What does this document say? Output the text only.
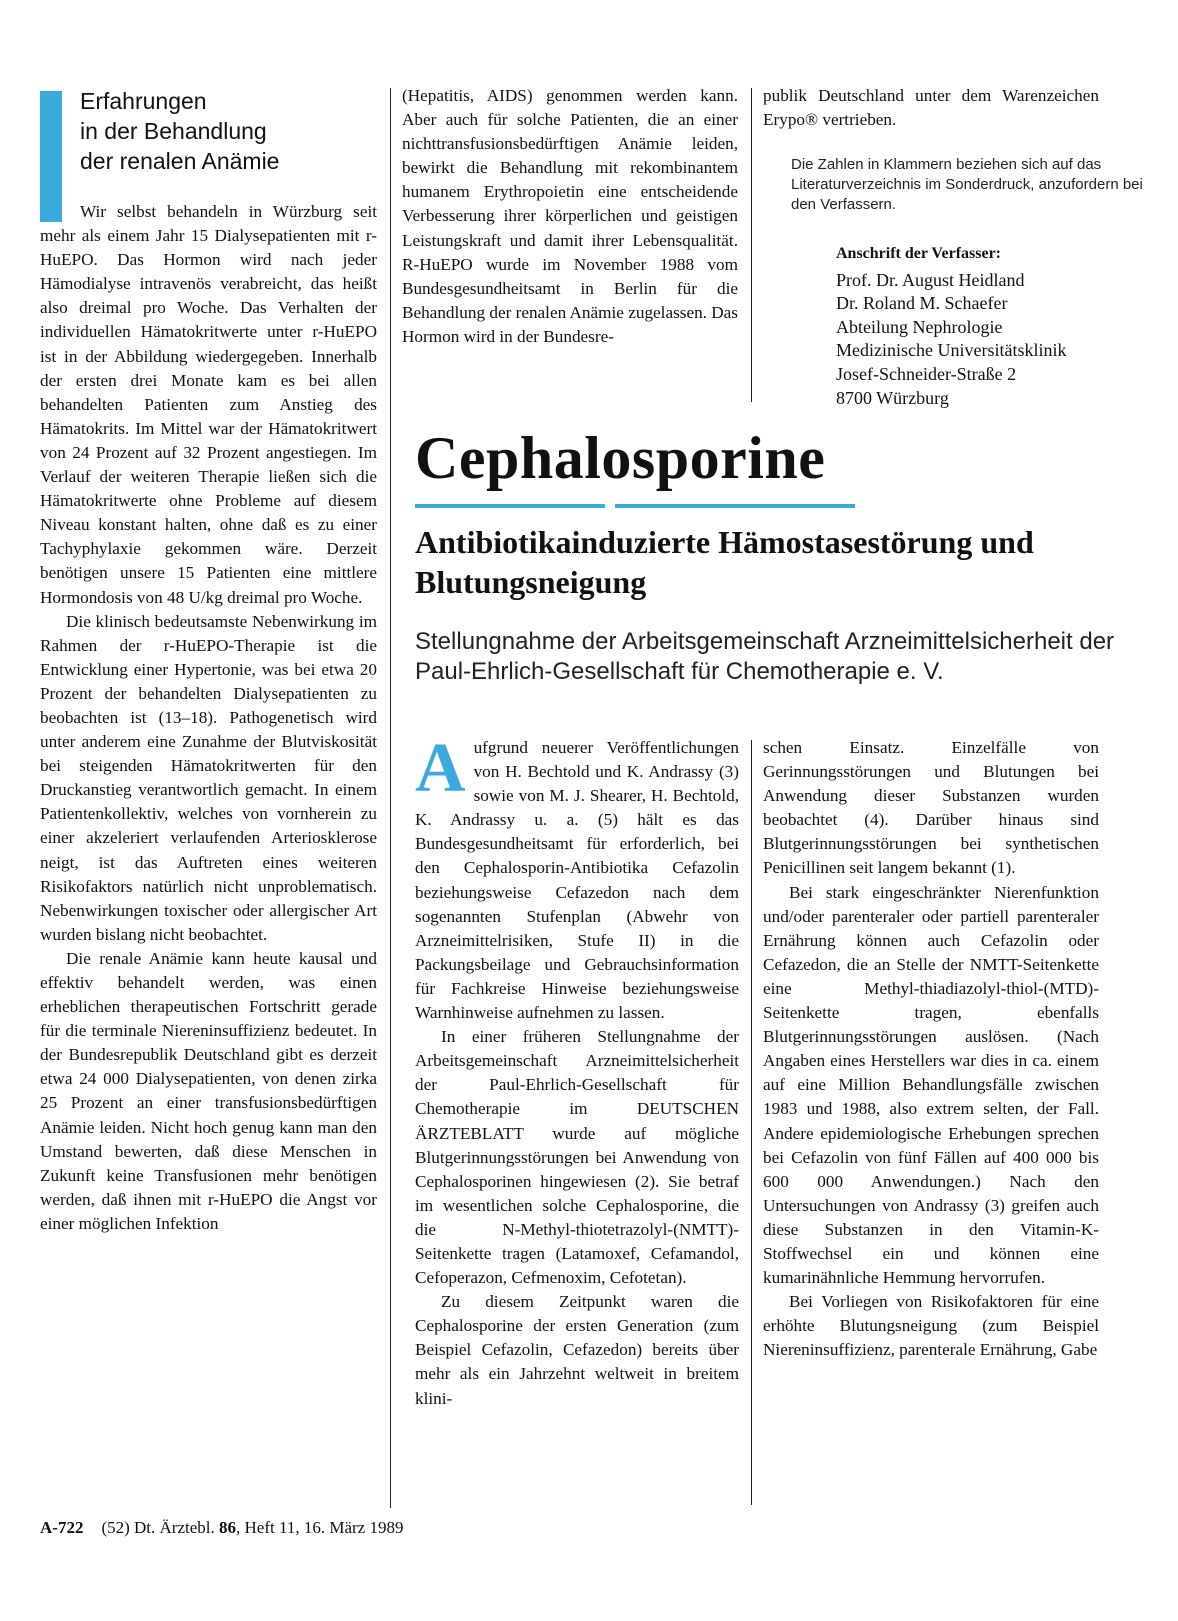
Erfahrungen
in der Behandlung
der renalen Anämie

Wir selbst behandeln in Würzburg seit mehr als einem Jahr 15 Dialysepatienten mit r-HuEPO. Das Hormon wird nach jeder Hämodialyse intravenös verabreicht, das heißt also dreimal pro Woche. Das Verhalten der individuellen Hämatokritwerte unter r-HuEPO ist in der Abbildung wiedergegeben. Innerhalb der ersten drei Monate kam es bei allen behandelten Patienten zum Anstieg des Hämatokrits. Im Mittel war der Hämatokritwert von 24 Prozent auf 32 Prozent angestiegen. Im Verlauf der weiteren Therapie ließen sich die Hämatokritwerte ohne Probleme auf diesem Niveau konstant halten, ohne daß es zu einer Tachyphylaxie gekommen wäre. Derzeit benötigen unsere 15 Patienten eine mittlere Hormondosis von 48 U/kg dreimal pro Woche.

Die klinisch bedeutsamste Nebenwirkung im Rahmen der r-HuEPO-Therapie ist die Entwicklung einer Hypertonie, was bei etwa 20 Prozent der behandelten Dialysepatienten zu beobachten ist (13–18). Pathogenetisch wird unter anderem eine Zunahme der Blutviskosität bei steigenden Hämatokritwerten für den Druckanstieg verantwortlich gemacht. In einem Patientenkollektiv, welches von vornherein zu einer akzeleriert verlaufenden Arteriosklerose neigt, ist das Auftreten eines weiteren Risikofaktors natürlich nicht unproblematisch. Nebenwirkungen toxischer oder allergischer Art wurden bislang nicht beobachtet.

Die renale Anämie kann heute kausal und effektiv behandelt werden, was einen erheblichen therapeutischen Fortschritt gerade für die terminale Niereninsuffizienz bedeutet. In der Bundesrepublik Deutschland gibt es derzeit etwa 24 000 Dialysepatienten, von denen zirka 25 Prozent an einer transfusionsbedürftigen Anämie leiden. Nicht hoch genug kann man den Umstand bewerten, daß diese Menschen in Zukunft keine Transfusionen mehr benötigen werden, daß ihnen mit r-HuEPO die Angst vor einer möglichen Infektion

(Hepatitis, AIDS) genommen werden kann. Aber auch für solche Patienten, die an einer nichttransfusionsbedürftigen Anämie leiden, bewirkt die Behandlung mit rekombinantem humanem Erythropoietin eine entscheidende Verbesserung ihrer körperlichen und geistigen Leistungskraft und damit ihrer Lebensqualität. R-HuEPO wurde im November 1988 vom Bundesgesundheitsamt in Berlin für die Behandlung der renalen Anämie zugelassen. Das Hormon wird in der Bundesre-

publik Deutschland unter dem Warenzeichen Erypo® vertrieben.

Die Zahlen in Klammern beziehen sich auf das Literaturverzeichnis im Sonderdruck, anzufordern bei den Verfassern.
Anschrift der Verfasser:
Prof. Dr. August Heidland
Dr. Roland M. Schaefer
Abteilung Nephrologie
Medizinische Universitätsklinik
Josef-Schneider-Straße 2
8700 Würzburg
Cephalosporine
Antibiotikainduzierte Hämostasestörung und Blutungsneigung
Stellungnahme der Arbeitsgemeinschaft Arzneimittelsicherheit der Paul-Ehrlich-Gesellschaft für Chemotherapie e. V.

Aufgrund neuerer Veröffentlichungen von H. Bechtold und K. Andrassy (3) sowie von M. J. Shearer, H. Bechtold, K. Andrassy u. a. (5) hält es das Bundesgesundheitsamt für erforderlich, bei den Cephalosporin-Antibiotika Cefazolin beziehungsweise Cefazedon nach dem sogenannten Stufenplan (Abwehr von Arzneimittelrisiken, Stufe II) in die Packungsbeilage und Gebrauchsinformation für Fachkreise Hinweise beziehungsweise Warnhinweise aufnehmen zu lassen.

In einer früheren Stellungnahme der Arbeitsgemeinschaft Arzneimittelsicherheit der Paul-Ehrlich-Gesellschaft für Chemotherapie im DEUTSCHEN ÄRZTEBLATT wurde auf mögliche Blutgerinnungsstörungen bei Anwendung von Cephalosporinen hingewiesen (2). Sie betraf im wesentlichen solche Cephalosporine, die die N-Methyl-thiotetrazolyl-(NMTT)-Seitenkette tragen (Latamoxef, Cefamandol, Cefoperazon, Cefmenoxim, Cefotetan).

Zu diesem Zeitpunkt waren die Cephalosporine der ersten Generation (zum Beispiel Cefazolin, Cefazedon) bereits über mehr als ein Jahrzehnt weltweit in breitem klini-

schen Einsatz. Einzelfälle von Gerinnungsstörungen und Blutungen bei Anwendung dieser Substanzen wurden beobachtet (4). Darüber hinaus sind Blutgerinnungsstörungen bei synthetischen Penicillinen seit langem bekannt (1).

Bei stark eingeschränkter Nierenfunktion und/oder parenteraler oder partiell parenteraler Ernährung können auch Cefazolin oder Cefazedon, die an Stelle der NMTT-Seitenkette eine Methyl-thiadiazolyl-thiol-(MTD)-Seitenkette tragen, ebenfalls Blutgerinnungsstörungen auslösen. (Nach Angaben eines Herstellers war dies in ca. einem auf eine Million Behandlungsfälle zwischen 1983 und 1988, also extrem selten, der Fall. Andere epidemiologische Erhebungen sprechen bei Cefazolin von fünf Fällen auf 400 000 bis 600 000 Anwendungen.) Nach den Untersuchungen von Andrassy (3) greifen auch diese Substanzen in den Vitamin-K-Stoffwechsel ein und können eine kumarinähnliche Hemmung hervorrufen.

Bei Vorliegen von Risikofaktoren für eine erhöhte Blutungsneigung (zum Beispiel Niereninsuffizienz, parenterale Ernährung, Gabe

A-722 (52) Dt. Ärztebl. 86, Heft 11, 16. März 1989
